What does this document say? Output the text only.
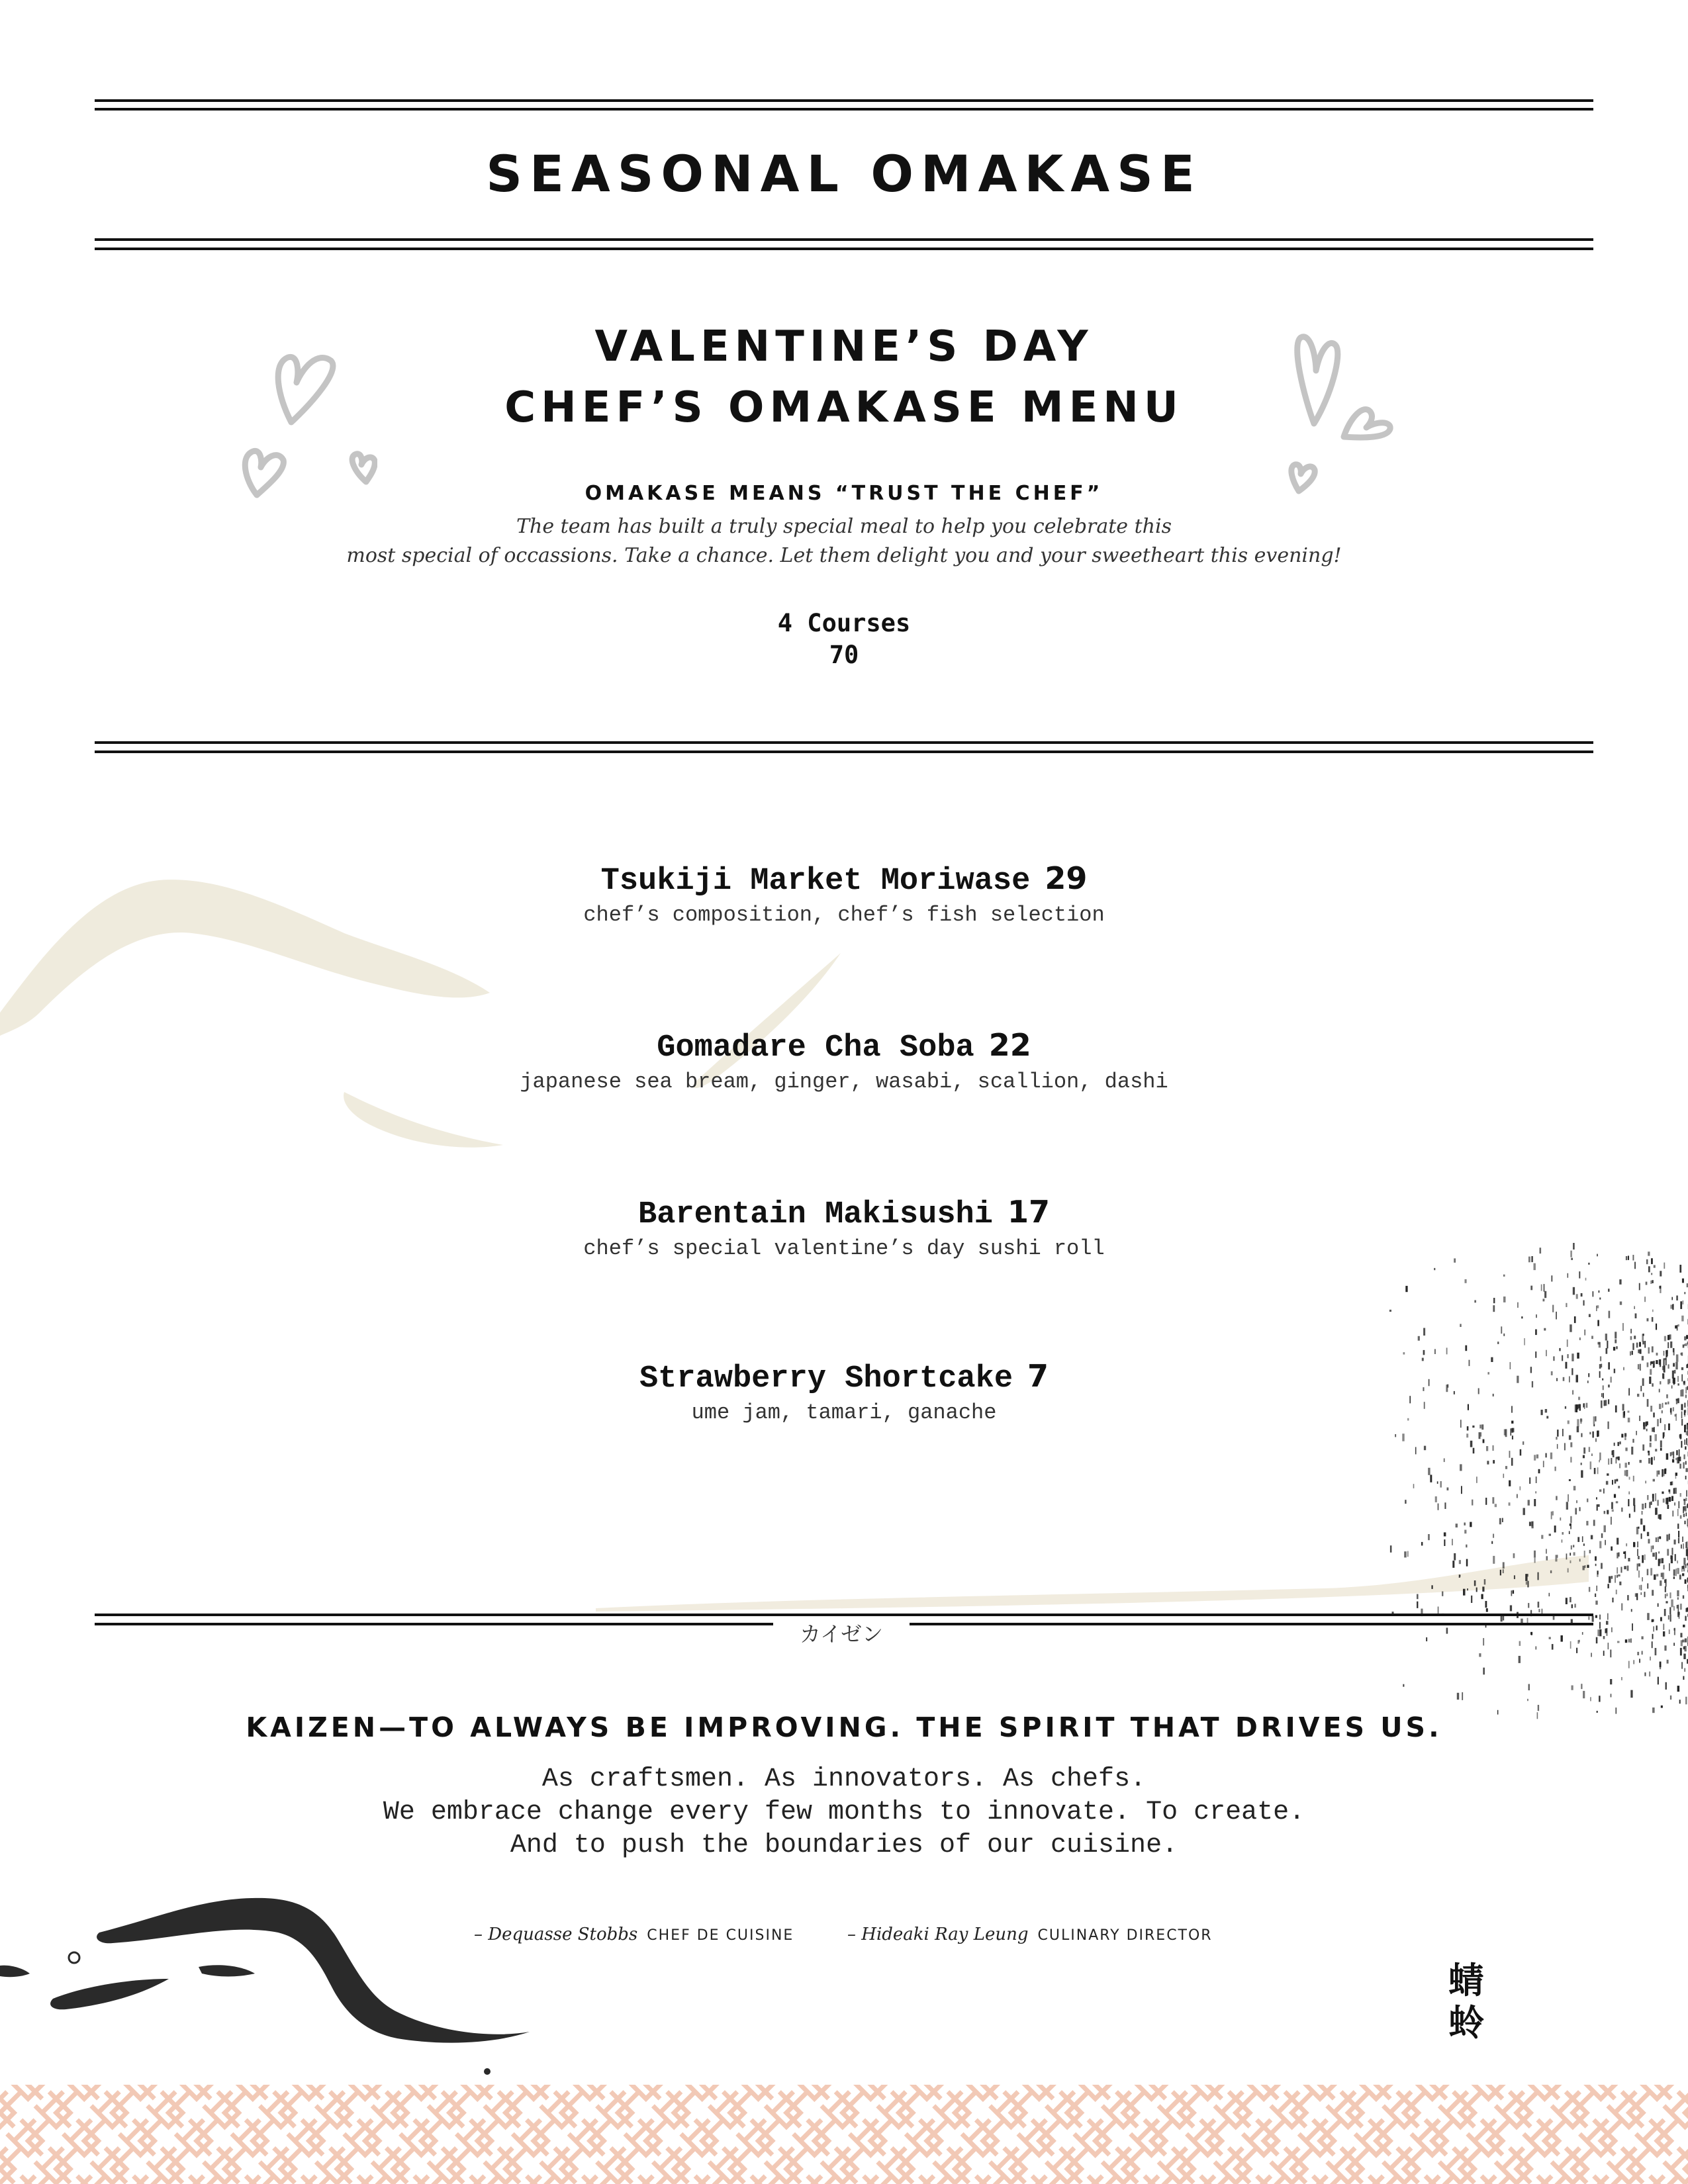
SEASONAL OMAKASE
VALENTINE’S DAY
CHEF’S OMAKASE MENU
OMAKASE MEANS “TRUST THE CHEF”
The team has built a truly special meal to help you celebrate this
most special of occassions. Take a chance. Let them delight you and your sweetheart this evening!
4 Courses
70
Tsukiji Market Moriwase 29
chef’s composition, chef’s fish selection
Gomadare Cha Soba 22
japanese sea bream, ginger, wasabi, scallion, dashi
Barentain Makisushi 17
chef’s special valentine’s day sushi roll
Strawberry Shortcake 7
ume jam, tamari, ganache
カイゼン
KAIZEN—TO ALWAYS BE IMPROVING. THE SPIRIT THAT DRIVES US.
As craftsmen. As innovators. As chefs.
We embrace change every few months to innovate. To create.
And to push the boundaries of our cuisine.
– Dequasse Stobbs CHEF DE CUISINE	– Hideaki Ray Leung CULINARY DIRECTOR
蜻
蛉
